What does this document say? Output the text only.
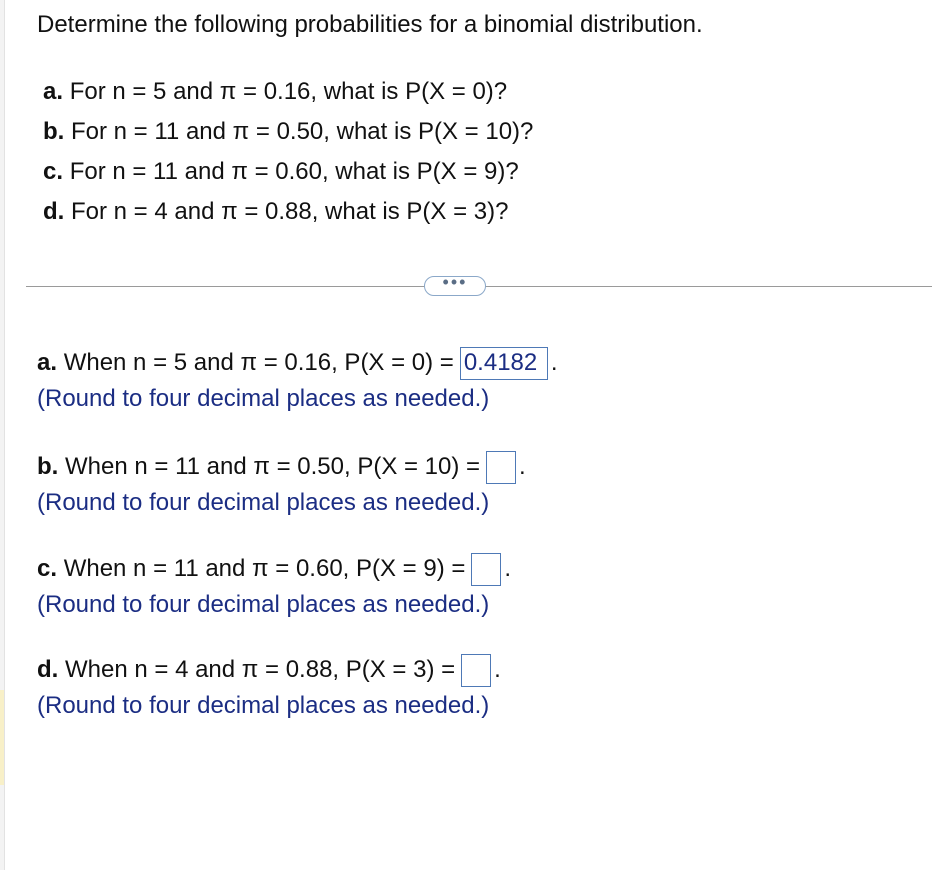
Determine the following probabilities for a binomial distribution.
a. For n = 5 and π = 0.16, what is P(X = 0)?
b. For n = 11 and π = 0.50, what is P(X = 10)?
c. For n = 11 and π = 0.60, what is P(X = 9)?
d. For n = 4 and π = 0.88, what is P(X = 3)?
•••
a.
When n = 5 and π = 0.16, P(X = 0) = 0.4182 .
(Round to four decimal places as needed.)
b.
When n = 11 and π = 0.50, P(X = 10) = .
(Round to four decimal places as needed.)
c.
When n = 11 and π = 0.60, P(X = 9) = .
(Round to four decimal places as needed.)
d.
When n = 4 and π = 0.88, P(X = 3) = .
(Round to four decimal places as needed.)
